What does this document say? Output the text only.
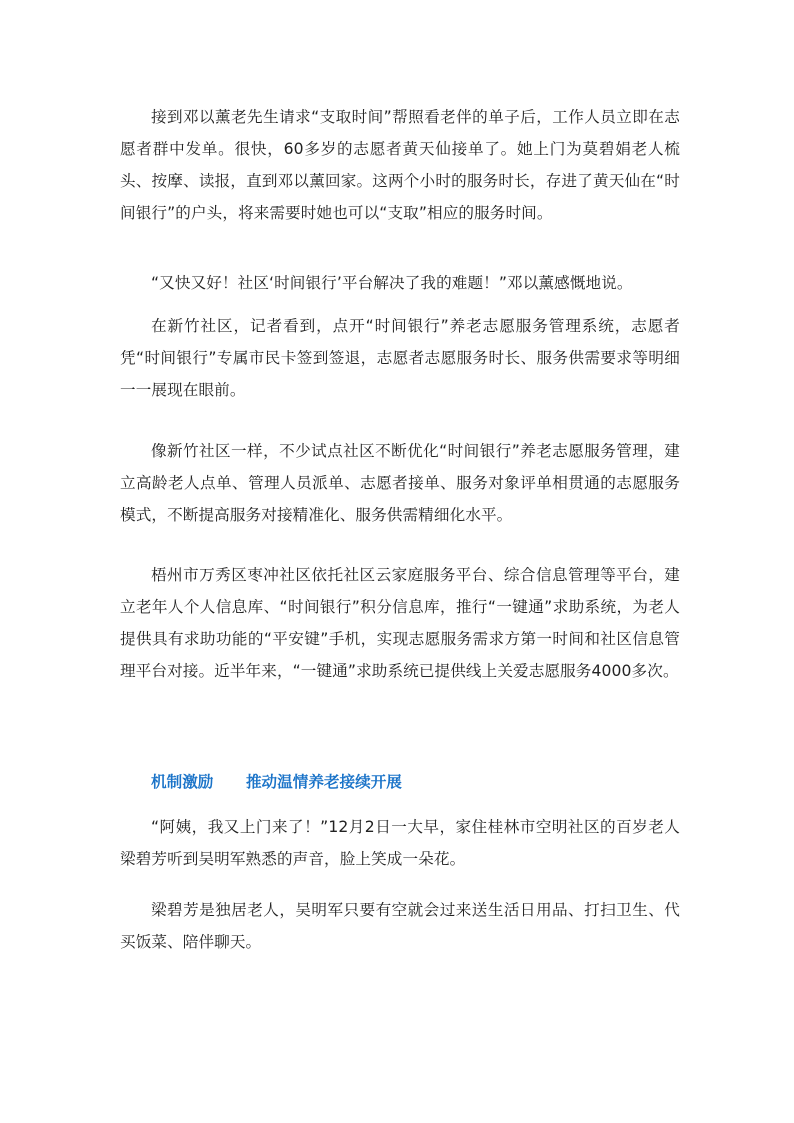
接到邓以薰老先生请求“支取时间”帮照看老伴的单子后，工作人员立即在志愿者群中发单。很快，60多岁的志愿者黄天仙接单了。她上门为莫碧娟老人梳头、按摩、读报，直到邓以薰回家。这两个小时的服务时长，存进了黄天仙在“时间银行”的户头，将来需要时她也可以“支取”相应的服务时间。

“又快又好！社区‘时间银行’平台解决了我的难题！”邓以薰感慨地说。

在新竹社区，记者看到，点开“时间银行”养老志愿服务管理系统，志愿者凭“时间银行”专属市民卡签到签退，志愿者志愿服务时长、服务供需要求等明细一一展现在眼前。

像新竹社区一样，不少试点社区不断优化“时间银行”养老志愿服务管理，建立高龄老人点单、管理人员派单、志愿者接单、服务对象评单相贯通的志愿服务模式，不断提高服务对接精准化、服务供需精细化水平。

梧州市万秀区枣冲社区依托社区云家庭服务平台、综合信息管理等平台，建立老年人个人信息库、“时间银行”积分信息库，推行“一键通”求助系统，为老人提供具有求助功能的“平安键”手机，实现志愿服务需求方第一时间和社区信息管理平台对接。近半年来，“一键通”求助系统已提供线上关爱志愿服务4000多次。

机制激励      推动温情养老接续开展

“阿姨，我又上门来了！”12月2日一大早，家住桂林市空明社区的百岁老人梁碧芳听到吴明军熟悉的声音，脸上笑成一朵花。

梁碧芳是独居老人，吴明军只要有空就会过来送生活日用品、打扫卫生、代买饭菜、陪伴聊天。
